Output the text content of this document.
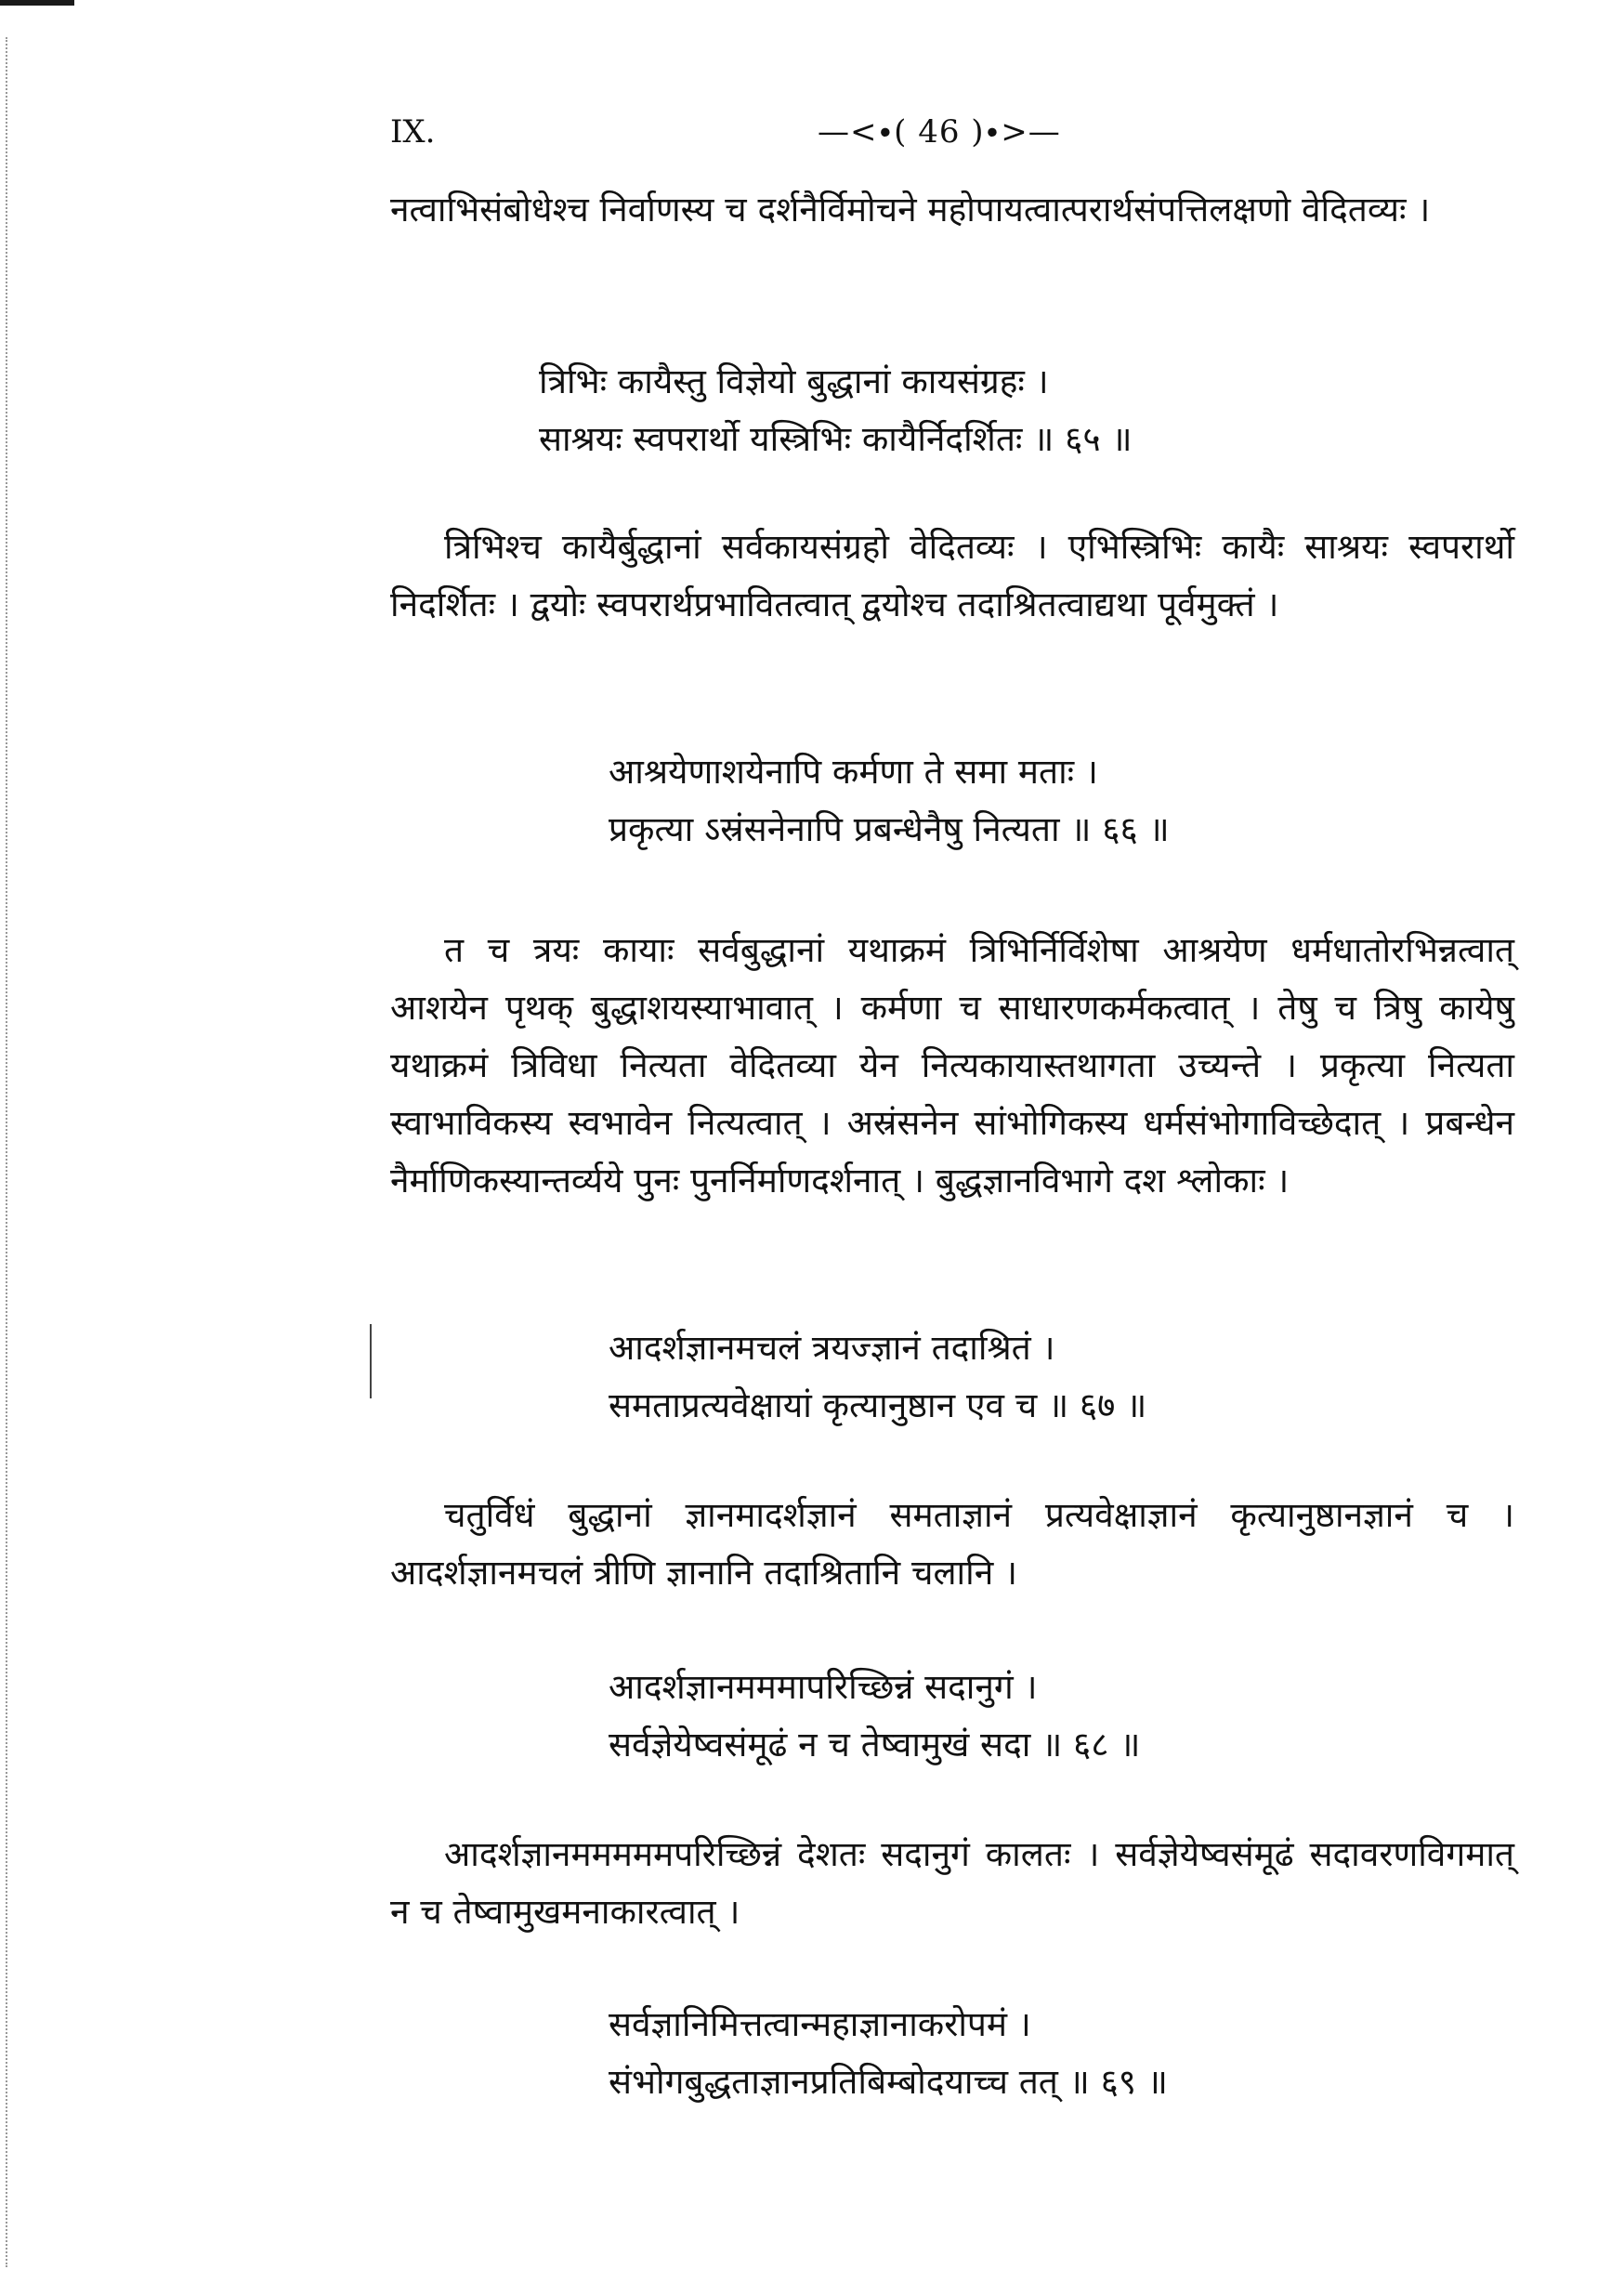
IX.	—<∙( 46 )∙>—

नत्वाभिसंबोधेश्च निर्वाणस्य च दर्शनैर्विमोचने महोपायत्वात्परार्थसंपत्तिलक्षणो वेदितव्यः ।

त्रिभिः कायैस्तु विज्ञेयो बुद्धानां कायसंग्रहः ।
साश्रयः स्वपरार्थो यस्त्रिभिः कायैर्निदर्शितः ॥ ६५ ॥

त्रिभिश्च कायैर्बुद्धानां सर्वकायसंग्रहो वेदितव्यः । एभिस्त्रिभिः कायैः साश्रयः स्वपरार्थो निदर्शितः । द्वयोः स्वपरार्थप्रभावितत्वात् द्वयोश्च तदाश्रितत्वाद्यथा पूर्वमुक्तं ।

आश्रयेणाशयेनापि कर्मणा ते समा मताः ।
प्रकृत्या ऽस्रंसनेनापि प्रबन्धेनैषु नित्यता ॥ ६६ ॥

त च त्रयः कायाः सर्वबुद्धानां यथाक्रमं त्रिभिर्निर्विशेषा आश्रयेण धर्मधातोरभिन्नत्वात् आशयेन पृथक् बुद्धाशयस्याभावात् । कर्मणा च साधारणकर्मकत्वात् । तेषु च त्रिषु कायेषु यथाक्रमं त्रिविधा नित्यता वेदितव्या येन नित्यकायास्तथागता उच्यन्ते । प्रकृत्या नित्यता स्वाभाविकस्य स्वभावेन नित्यत्वात् । अस्रंसनेन सांभोगिकस्य धर्मसंभोगाविच्छेदात् । प्रबन्धेन नैर्माणिकस्यान्तर्व्यये पुनः पुनर्निर्माणदर्शनात् । बुद्धज्ञानविभागे दश श्लोकाः ।

आदर्शज्ञानमचलं त्रयज्ज्ञानं तदाश्रितं ।
समताप्रत्यवेक्षायां कृत्यानुष्ठान एव च ॥ ६७ ॥

चतुर्विधं बुद्धानां ज्ञानमादर्शज्ञानं समताज्ञानं प्रत्यवेक्षाज्ञानं कृत्यानुष्ठानज्ञानं च । आदर्शज्ञानमचलं त्रीणि ज्ञानानि तदाश्रितानि चलानि ।

आदर्शज्ञानमममापरिच्छिन्नं सदानुगं ।
सर्वज्ञेयेष्वसंमूढं न च तेष्वामुखं सदा ॥ ६८ ॥

आदर्शज्ञानमममममपरिच्छिन्नं देशतः सदानुगं कालतः । सर्वज्ञेयेष्वसंमूढं सदावरणविगमात् न च तेष्वामुखमनाकारत्वात् ।

सर्वज्ञानिमित्तत्वान्महाज्ञानाकरोपमं ।
संभोगबुद्धताज्ञानप्रतिबिम्बोदयाच्च तत् ॥ ६९ ॥
